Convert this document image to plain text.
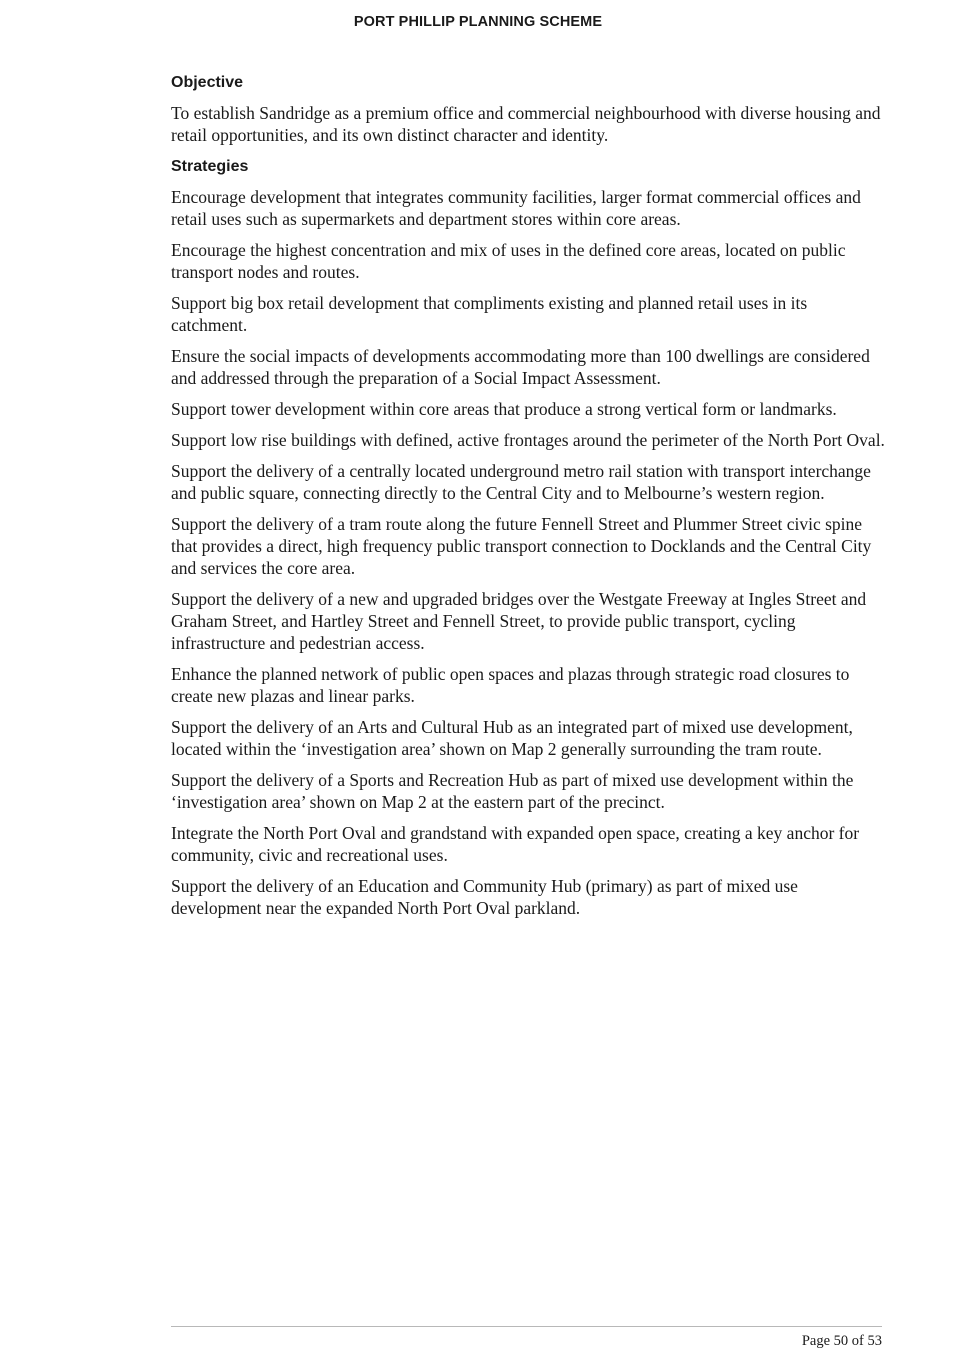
PORT PHILLIP PLANNING SCHEME
Objective

To establish Sandridge as a premium office and commercial neighbourhood with diverse housing and retail opportunities, and its own distinct character and identity.

Strategies

Encourage development that integrates community facilities, larger format commercial offices and retail uses such as supermarkets and department stores within core areas.

Encourage the highest concentration and mix of uses in the defined core areas, located on public transport nodes and routes.

Support big box retail development that compliments existing and planned retail uses in its catchment.

Ensure the social impacts of developments accommodating more than 100 dwellings are considered and addressed through the preparation of a Social Impact Assessment.

Support tower development within core areas that produce a strong vertical form or landmarks.

Support low rise buildings with defined, active frontages around the perimeter of the North Port Oval.

Support the delivery of a centrally located underground metro rail station with transport interchange and public square, connecting directly to the Central City and to Melbourne’s western region.

Support the delivery of a tram route along the future Fennell Street and Plummer Street civic spine that provides a direct, high frequency public transport connection to Docklands and the Central City and services the core area.

Support the delivery of a new and upgraded bridges over the Westgate Freeway at Ingles Street and Graham Street, and Hartley Street and Fennell Street, to provide public transport, cycling infrastructure and pedestrian access.

Enhance the planned network of public open spaces and plazas through strategic road closures to create new plazas and linear parks.

Support the delivery of an Arts and Cultural Hub as an integrated part of mixed use development, located within the ‘investigation area’ shown on Map 2 generally surrounding the tram route.

Support the delivery of a Sports and Recreation Hub as part of mixed use development within the ‘investigation area’ shown on Map 2 at the eastern part of the precinct.

Integrate the North Port Oval and grandstand with expanded open space, creating a key anchor for community, civic and recreational uses.

Support the delivery of an Education and Community Hub (primary) as part of mixed use development near the expanded North Port Oval parkland.

Page 50 of 53
